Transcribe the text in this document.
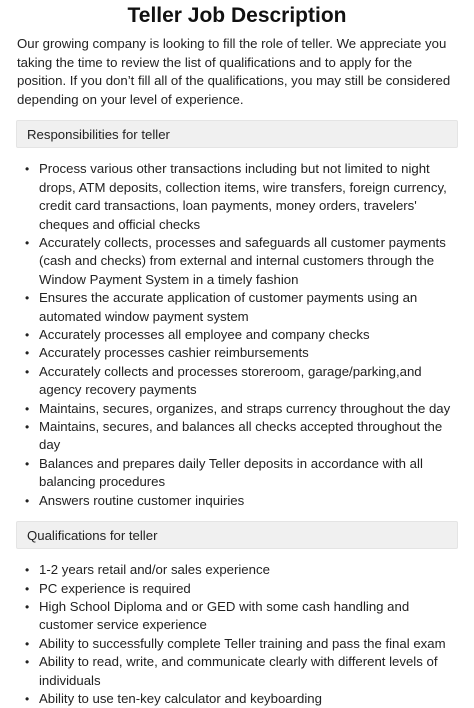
Teller Job Description

Our growing company is looking to fill the role of teller. We appreciate you taking the time to review the list of qualifications and to apply for the position. If you don’t fill all of the qualifications, you may still be considered depending on your level of experience.

Responsibilities for teller
• Process various other transactions including but not limited to night drops, ATM deposits, collection items, wire transfers, foreign currency, credit card transactions, loan payments, money orders, travelers' cheques and official checks
• Accurately collects, processes and safeguards all customer payments (cash and checks) from external and internal customers through the Window Payment System in a timely fashion
• Ensures the accurate application of customer payments using an automated window payment system
• Accurately processes all employee and company checks
• Accurately processes cashier reimbursements
• Accurately collects and processes storeroom, garage/parking,and agency recovery payments
• Maintains, secures, organizes, and straps currency throughout the day
• Maintains, secures, and balances all checks accepted throughout the day
• Balances and prepares daily Teller deposits in accordance with all balancing procedures
• Answers routine customer inquiries
Qualifications for teller
• 1-2 years retail and/or sales experience
• PC experience is required
• High School Diploma and or GED with some cash handling and customer service experience
• Ability to successfully complete Teller training and pass the final exam
• Ability to read, write, and communicate clearly with different levels of individuals
• Ability to use ten-key calculator and keyboarding
